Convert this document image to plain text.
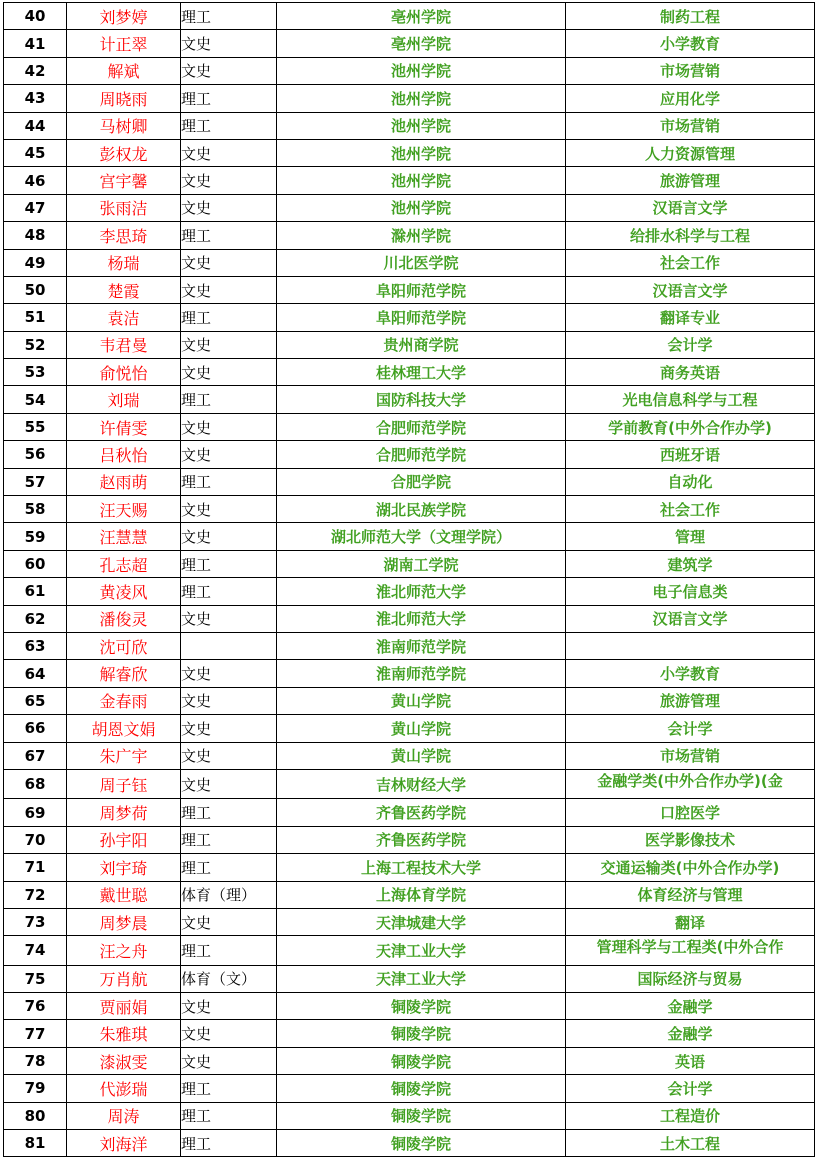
40	刘梦婷	理工	亳州学院	制药工程
41	计正翠	文史	亳州学院	小学教育
42	解斌	文史	池州学院	市场营销
43	周晓雨	理工	池州学院	应用化学
44	马树卿	理工	池州学院	市场营销
45	彭权龙	文史	池州学院	人力资源管理
46	宫宇馨	文史	池州学院	旅游管理
47	张雨洁	文史	池州学院	汉语言文学
48	李思琦	理工	滁州学院	给排水科学与工程
49	杨瑞	文史	川北医学院	社会工作
50	楚霞	文史	阜阳师范学院	汉语言文学
51	袁洁	理工	阜阳师范学院	翻译专业
52	韦君曼	文史	贵州商学院	会计学
53	俞悦怡	文史	桂林理工大学	商务英语
54	刘瑞	理工	国防科技大学	光电信息科学与工程
55	许倩雯	文史	合肥师范学院	学前教育(中外合作办学)
56	吕秋怡	文史	合肥师范学院	西班牙语
57	赵雨萌	理工	合肥学院	自动化
58	汪天赐	文史	湖北民族学院	社会工作
59	汪慧慧	文史	湖北师范大学（文理学院）	管理
60	孔志超	理工	湖南工学院	建筑学
61	黄凌风	理工	淮北师范大学	电子信息类
62	潘俊灵	文史	淮北师范大学	汉语言文学
63	沈可欣		淮南师范学院	
64	解睿欣	文史	淮南师范学院	小学教育
65	金春雨	文史	黄山学院	旅游管理
66	胡恩文娟	文史	黄山学院	会计学
67	朱广宇	文史	黄山学院	市场营销
68	周子钰	文史	吉林财经大学	金融学类(中外合作办学)(金
69	周梦荷	理工	齐鲁医药学院	口腔医学
70	孙宇阳	理工	齐鲁医药学院	医学影像技术
71	刘宇琦	理工	上海工程技术大学	交通运输类(中外合作办学)
72	戴世聪	体育（理）	上海体育学院	体育经济与管理
73	周梦晨	文史	天津城建大学	翻译
74	汪之舟	理工	天津工业大学	管理科学与工程类(中外合作
75	万肖航	体育（文）	天津工业大学	国际经济与贸易
76	贾丽娟	文史	铜陵学院	金融学
77	朱雅琪	文史	铜陵学院	金融学
78	漆淑雯	文史	铜陵学院	英语
79	代澎瑞	理工	铜陵学院	会计学
80	周涛	理工	铜陵学院	工程造价
81	刘海洋	理工	铜陵学院	土木工程
